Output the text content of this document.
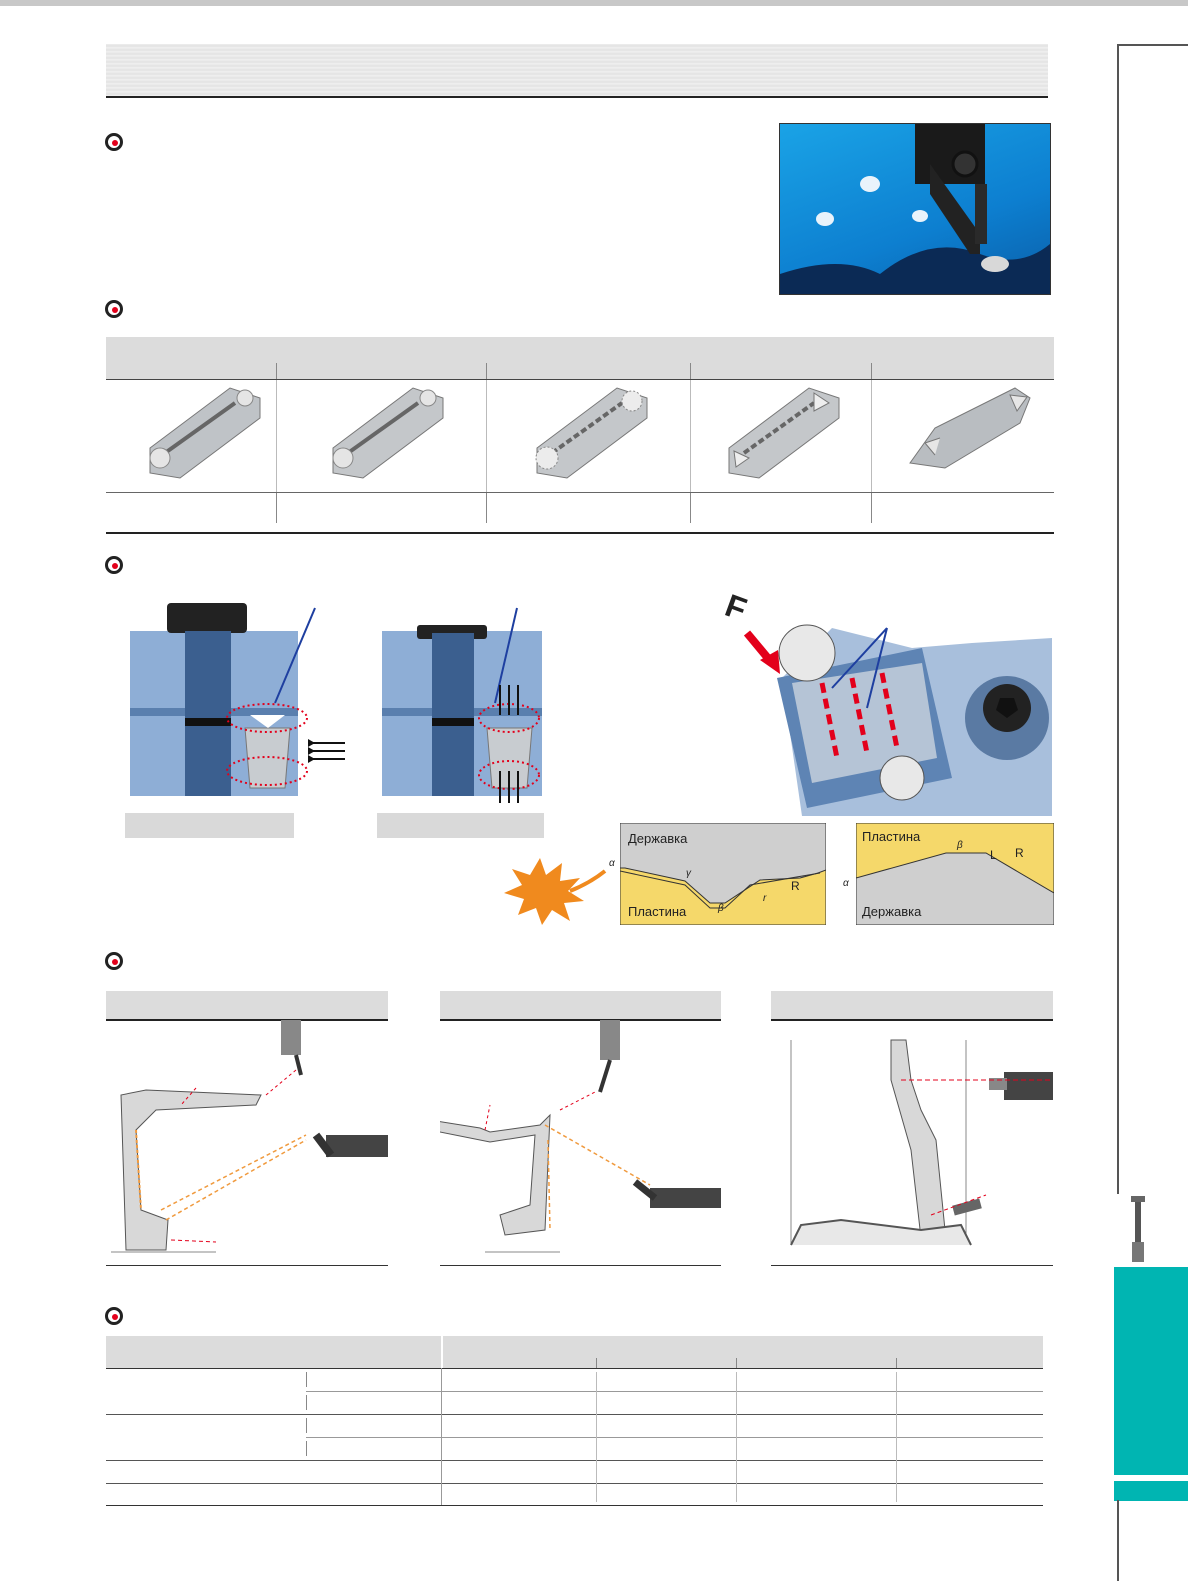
F
Державка
Пластина
α
γ
β
r
R
Пластина
Державка
α
β
L R
